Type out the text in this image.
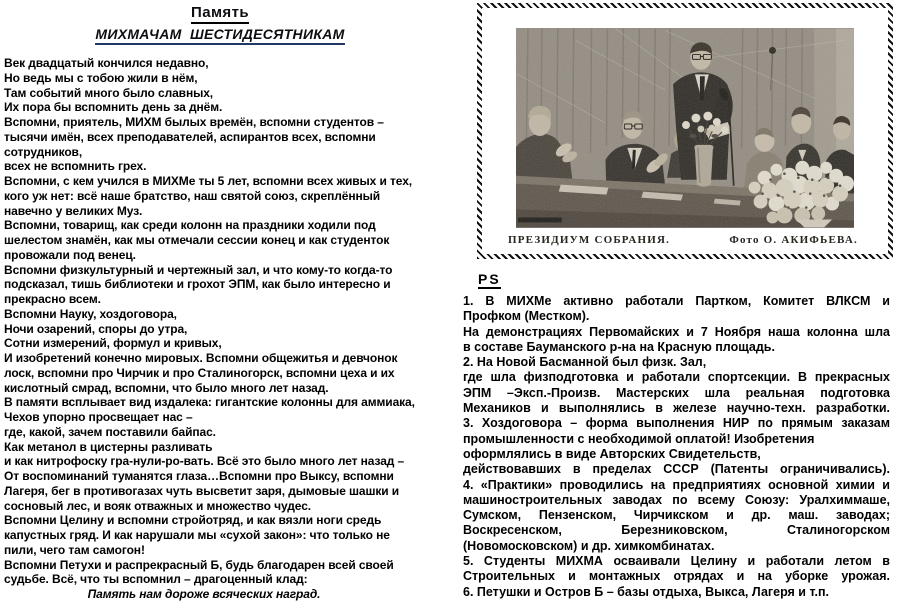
Память
МИХМАЧАМ  ШЕСТИДЕСЯТНИКАМ
Век двадцатый кончился недавно,
Но ведь мы с тобою жили в нём,
Там событий много было славных,
Их пора бы вспомнить день за днём.
Вспомни, приятель, МИХМ былых времён, вспомни студентов –
тысячи имён, всех преподавателей, аспирантов всех, вспомни
сотрудников,
всех не вспомнить грех.
Вспомни, с кем учился в МИХМе ты 5 лет, вспомни всех живых и тех,
кого уж нет: всё наше братство, наш святой союз, скреплённый
навечно у великих Муз.
Вспомни, товарищ, как среди колонн на праздники ходили под
шелестом знамён, как мы отмечали сессии конец и как студенток
провожали под венец.
Вспомни физкультурный и чертежный зал, и что кому-то когда-то
подсказал, тишь библиотеки и грохот ЭПМ, как было интересно и
прекрасно всем.
Вспомни Науку, хоздоговора,
Ночи озарений, споры до утра,
Сотни измерений, формул и кривых,
И изобретений конечно мировых. Вспомни общежитья и девчонок
лоск, вспомни про Чирчик и про Сталиногорск, вспомни цеха и их
кислотный смрад, вспомни, что было много лет назад.
В памяти всплывает вид издалека: гигантские колонны для аммиака,
Чехов упорно просвещает нас –
где, какой, зачем поставили байпас.
Как метанол в цистерны разливать
и как нитрофоску гра-нули-ро-вать. Всё это было много лет назад –
От воспоминаний туманятся глаза…Вспомни про Выксу, вспомни
Лагеря, бег в противогазах чуть высветит заря, дымовые шашки и
сосновый лес, и вояк отважных и множество чудес.
Вспомни Целину и вспомни стройотряд, и как вязли ноги средь
капустных гряд. И как нарушали мы «сухой закон»: что только не
пили, чего там самогон!
Вспомни Петухи и распрекрасный Б, будь благодарен всей своей
судьбе. Всё, что ты вспомнил – драгоценный клад:
Память нам дороже всяческих наград.
ПРЕЗИДИУМ СОБРАНИЯ.	Фото О. АКИФЬЕВА.
PS
1. В МИХМе активно работали Партком, Комитет ВЛКСМ и
Профком (Местком).
На демонстрациях Первомайских и 7 Ноября наша колонна шла
в составе Бауманского р-на на Красную площадь.
2. На Новой Басманной был физк. Зал,
где шла физподготовка и работали спортсекции. В прекрасных
ЭПМ –Эксп.-Произв. Мастерских шла реальная подготовка
Механиков и выполнялись в железе научно-техн. разработки.
3. Хоздоговора – форма выполнения НИР по прямым заказам
промышленности с необходимой оплатой! Изобретения
оформлялись в виде Авторских Свидетельств,
действовавших в пределах СССР (Патенты ограничивались).
4. «Практики» проводились на предприятиях основной химии и
машиностроительных заводах по всему Союзу: Уралхиммаше,
Сумском, Пензенском, Чирчикском и др. маш. заводах;
Воскресенском, Березниковском, Сталиногорском
(Новомосковском) и др. химкомбинатах.
5. Студенты МИХМА осваивали Целину и работали летом в
Строительных и монтажных отрядах и на уборке урожая.
6. Петушки и Остров Б – базы отдыха, Выкса, Лагеря и т.п.
